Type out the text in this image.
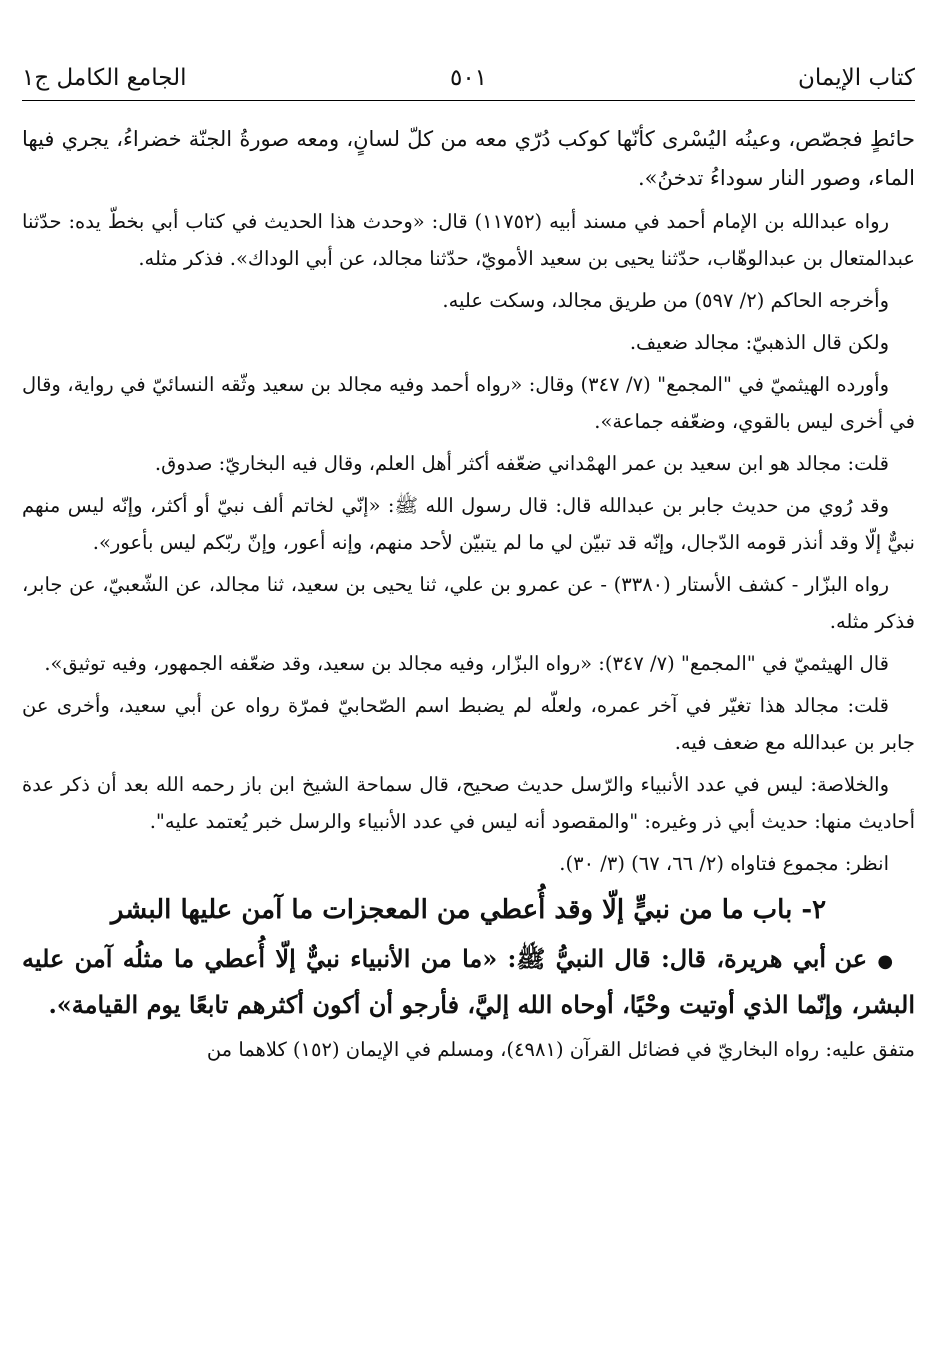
كتاب الإيمان
٥٠١
الجامع الكامل ج١

حائطٍ فجصّص، وعينُه اليُسْرى كأنّها كوكب دُرّي معه من كلّ لسانٍ، ومعه صورةُ الجنّة خضراءُ، يجري فيها الماء، وصور النار سوداءُ تدخنُ».

رواه عبدالله بن الإمام أحمد في مسند أبيه (١١٧٥٢) قال: «وحدث هذا الحديث في كتاب أبي بخطّ يده: حدّثنا عبدالمتعال بن عبدالوهّاب، حدّثنا يحيى بن سعيد الأمويّ، حدّثنا مجالد، عن أبي الوداك». فذكر مثله.

وأخرجه الحاكم (٢/ ٥٩٧) من طريق مجالد، وسكت عليه.

ولكن قال الذهبيّ: مجالد ضعيف.

وأورده الهيثميّ في "المجمع" (٧/ ٣٤٧) وقال: «رواه أحمد وفيه مجالد بن سعيد وثّقه النسائيّ في رواية، وقال في أخرى ليس بالقوي، وضعّفه جماعة».

قلت: مجالد هو ابن سعيد بن عمر الهمْداني ضعّفه أكثر أهل العلم، وقال فيه البخاريّ: صدوق.

وقد رُوي من حديث جابر بن عبدالله قال: قال رسول الله ﷺ: «إنّي لخاتم ألف نبيّ أو أكثر، وإنّه ليس منهم نبيٌّ إلّا وقد أنذر قومه الدّجال، وإنّه قد تبيّن لي ما لم يتبيّن لأحد منهم، وإنه أعور، وإنّ ربّكم ليس بأعور».

رواه البزّار - كشف الأستار (٣٣٨٠) - عن عمرو بن علي، ثنا يحيى بن سعيد، ثنا مجالد، عن الشّعبيّ، عن جابر، فذكر مثله.

قال الهيثميّ في "المجمع" (٧/ ٣٤٧): «رواه البزّار، وفيه مجالد بن سعيد، وقد ضعّفه الجمهور، وفيه توثيق».

قلت: مجالد هذا تغيّر في آخر عمره، ولعلّه لم يضبط اسم الصّحابيّ فمرّة رواه عن أبي سعيد، وأخرى عن جابر بن عبدالله مع ضعف فيه.

والخلاصة: ليس في عدد الأنبياء والرّسل حديث صحيح، قال سماحة الشيخ ابن باز رحمه الله بعد أن ذكر عدة أحاديث منها: حديث أبي ذر وغيره: "والمقصود أنه ليس في عدد الأنبياء والرسل خبر يُعتمد عليه".

انظر: مجموع فتاواه (٢/ ٦٦، ٦٧) (٣/ ٣٠).

٢- باب ما من نبيٍّ إلّا وقد أُعطي من المعجزات ما آمن عليها البشر

● عن أبي هريرة، قال: قال النبيُّ ﷺ: «ما من الأنبياء نبيٌّ إلّا أُعطي ما مثلُه آمن عليه البشر، وإنّما الذي أوتيت وحْيًا، أوحاه الله إليَّ، فأرجو أن أكون أكثرهم تابعًا يوم القيامة».

متفق عليه: رواه البخاريّ في فضائل القرآن (٤٩٨١)، ومسلم في الإيمان (١٥٢) كلاهما من
